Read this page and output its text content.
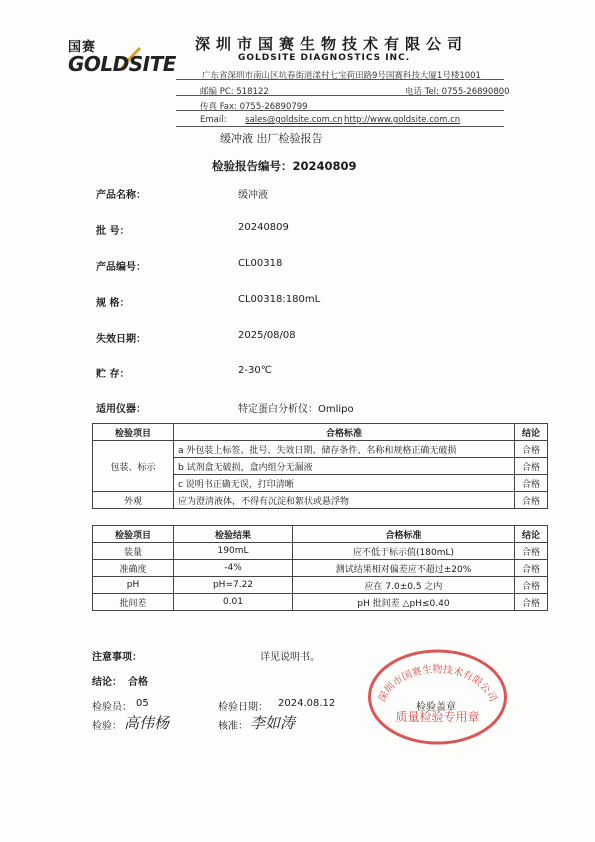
国赛
GOLDSITE
深圳市国赛生物技术有限公司
GOLDSITE DIAGNOSTICS INC.
广东省深圳市南山区坑春街道漾村七宝荷田路9号国赛科技大厦1号楼1001
邮编 PC: 518122	电话 Tel: 0755-26890800
传真 Fax: 0755-26890799
Email: sales@goldsite.com.cn http://www.goldsite.com.cn
缓冲液 出厂检验报告
检验报告编号：20240809
产品名称：	缓冲液
批 号：	20240809
产品编号：	CL00318
规 格：	CL00318:180mL
失效日期：	2025/08/08
贮 存：	2-30℃
适用仪器：	特定蛋白分析仪：Omlipo
检验项目	合格标准	结论
包装、标示	a 外包装上标签、批号、失效日期、储存条件、名称和规格正确无破损	合格
	b 试剂盒无破损，盒内组分无漏液	合格
	c 说明书正确无误，打印清晰	合格
外观	应为澄清液体，不得有沉淀和絮状或悬浮物	合格
检验项目	检验结果	合格标准	结论
装量	190mL	应不低于标示值(180mL)	合格
准确度	-4%	测试结果相对偏差应不超过±20%	合格
pH	pH=7.22	应在 7.0±0.5 之内	合格
批间差	0.01	pH 批间差 △pH≤0.40	合格
注意事项：	详见说明书。
结论： 合格
检验员： 05	检验日期： 2024.08.12	检验盖章
检验： 高伟杨	核准： 李如涛
深圳市国赛生物技术有限公司
质量检验专用章
